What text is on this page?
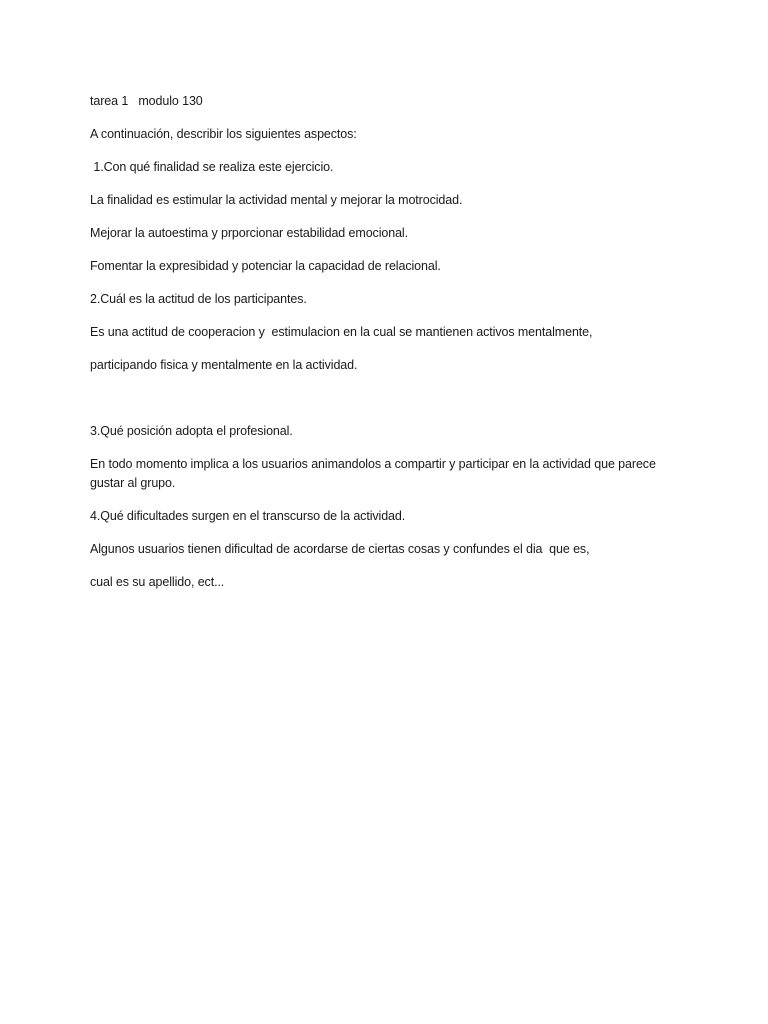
tarea 1   modulo 130

A continuación, describir los siguientes aspectos:

1.Con qué finalidad se realiza este ejercicio.

La finalidad es estimular la actividad mental y mejorar la motrocidad.

Mejorar la autoestima y prporcionar estabilidad emocional.

Fomentar la expresibidad y potenciar la capacidad de relacional.

2.Cuál es la actitud de los participantes.

Es una actitud de cooperacion y  estimulacion en la cual se mantienen activos mentalmente,

participando fisica y mentalmente en la actividad.

3.Qué posición adopta el profesional.

En todo momento implica a los usuarios animandolos a compartir y participar en la actividad que parece gustar al grupo.

4.Qué dificultades surgen en el transcurso de la actividad.

Algunos usuarios tienen dificultad de acordarse de ciertas cosas y confundes el dia  que es,

cual es su apellido, ect...
